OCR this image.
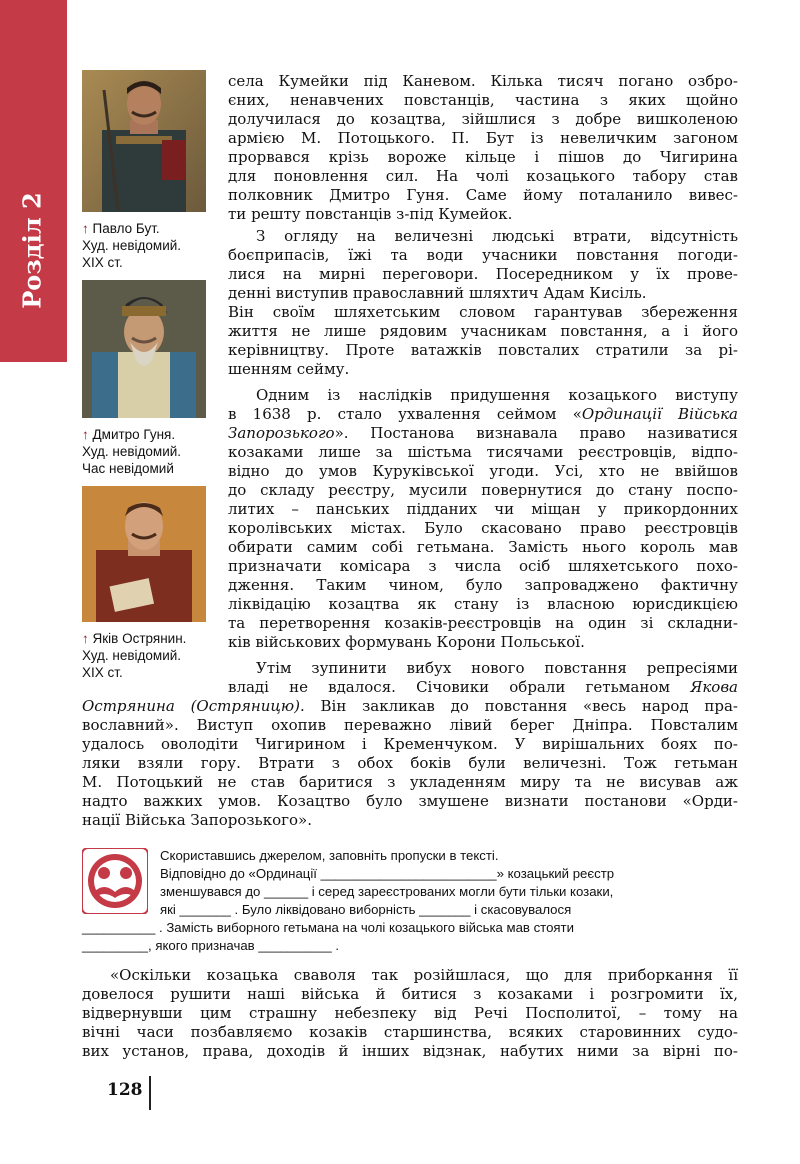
Розділ 2	↑ Павло Бут.
Худ. невідомий.
XIX ст.
↑ Дмитро Гуня.
Худ. невідомий.
Час невідомий
↑ Яків Острянин.
Худ. невідомий.
XIX ст.
села Кумейки під Каневом. Кілька тисяч погано озбро-
єних, ненавчених повстанців, частина з яких щойно
долучилася до козацтва, зійшлися з добре вишколеною
армією М. Потоцького. П. Бут із невеличким загоном
прорвався крізь вороже кільце і пішов до Чигирина
для поновлення сил. На чолі козацького табору став
полковник Дмитро Гуня. Саме йому поталанило вивес-
ти решту повстанців з-під Кумейок.
З огляду на величезні людські втрати, відсутність
боєприпасів, їжі та води учасники повстання погоди-
лися на мирні переговори. Посередником у їх прове-
денні виступив православний шляхтич Адам Кисіль.
Він своїм шляхетським словом гарантував збереження
життя не лише рядовим учасникам повстання, а і його
керівництву. Проте ватажків повсталих стратили за рі-
шенням сейму.
Одним із наслідків придушення козацького виступу
в 1638 р. стало ухвалення сеймом «Ординації Війська
Запорозького». Постанова визнавала право називатися
козаками лише за шістьма тисячами реєстровців, відпо-
відно до умов Куруківської угоди. Усі, хто не ввійшов
до складу реєстру, мусили повернутися до стану поспо-
литих – панських підданих чи міщан у прикордонних
королівських містах. Було скасовано право реєстровців
обирати самим собі гетьмана. Замість нього король мав
призначати комісара з числа осіб шляхетського похо-
дження. Таким чином, було запроваджено фактичну
ліквідацію козацтва як стану із власною юрисдикцією
та перетворення козаків-реєстровців на один зі складни-
ків військових формувань Корони Польської.
Утім зупинити вибух нового повстання репресіями
владі не вдалося. Січовики обрали гетьманом Якова
Острянина (Остряницю). Він закликав до повстання «весь народ пра-
вославний». Виступ охопив переважно лівий берег Дніпра. Повсталим
удалось оволодіти Чигирином і Кременчуком. У вирішальних боях по-
ляки взяли гору. Втрати з обох боків були величезні. Тож гетьман
М. Потоцький не став баритися з укладенням миру та не висував аж
надто важких умов. Козацтво було змушене визнати постанови «Орди-
нації Війська Запорозького».
Скориставшись джерелом, заповніть пропуски в тексті.
Відповідно до «Ординації ________________________» козацький реєстр
зменшувався до ______ і серед зареєстрованих могли бути тільки козаки,
які _______ . Було ліквідовано виборність _______ і скасовувалося
__________ . Замість виборного гетьмана на чолі козацького війська мав стояти
_________, якого призначав __________ .
«Оскільки козацька сваволя так розійшлася, що для приборкання її
довелося рушити наші війська й битися з козаками і розгромити їх,
відвернувши цим страшну небезпеку від Речі Посполитої, – тому на
вічні часи позбавляємо козаків старшинства, всяких старовинних судо-
вих установ, права, доходів й інших відзнак, набутих ними за вірні по-
128
